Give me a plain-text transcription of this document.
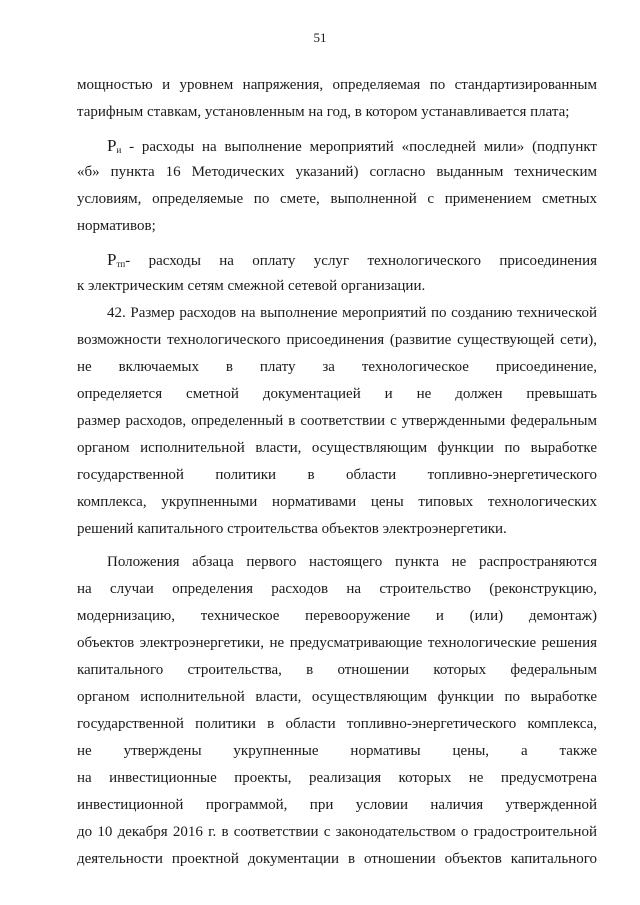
51
мощностью и уровнем напряжения, определяемая по стандартизированным
тарифным ставкам, установленным на год, в котором устанавливается плата;
$P_и$ - расходы на выполнение мероприятий «последней мили» (подпункт
«б» пункта 16 Методических указаний) согласно выданным техническим
условиям, определяемые по смете, выполненной с применением сметных
нормативов;
$P_{тп}-$ расходы на оплату услуг технологического присоединения
к электрическим сетям смежной сетевой организации.
42. Размер расходов на выполнение мероприятий по созданию технической
возможности технологического присоединения (развитие существующей сети),
не включаемых в плату за технологическое присоединение,
определяется сметной документацией и не должен превышать
размер расходов, определенный в соответствии с утвержденными федеральным
органом исполнительной власти, осуществляющим функции по выработке
государственной политики в области топливно-энергетического
комплекса, укрупненными нормативами цены типовых технологических
решений капитального строительства объектов электроэнергетики.
Положения абзаца первого настоящего пункта не распространяются
на случаи определения расходов на строительство (реконструкцию,
модернизацию, техническое перевооружение и (или) демонтаж)
объектов электроэнергетики, не предусматривающие технологические решения
капитального строительства, в отношении которых федеральным
органом исполнительной власти, осуществляющим функции по выработке
государственной политики в области топливно-энергетического комплекса,
не утверждены укрупненные нормативы цены, а также
на инвестиционные проекты, реализация которых не предусмотрена
инвестиционной программой, при условии наличия утвержденной
до 10 декабря 2016 г. в соответствии с законодательством о градостроительной
деятельности проектной документации в отношении объектов капитального
